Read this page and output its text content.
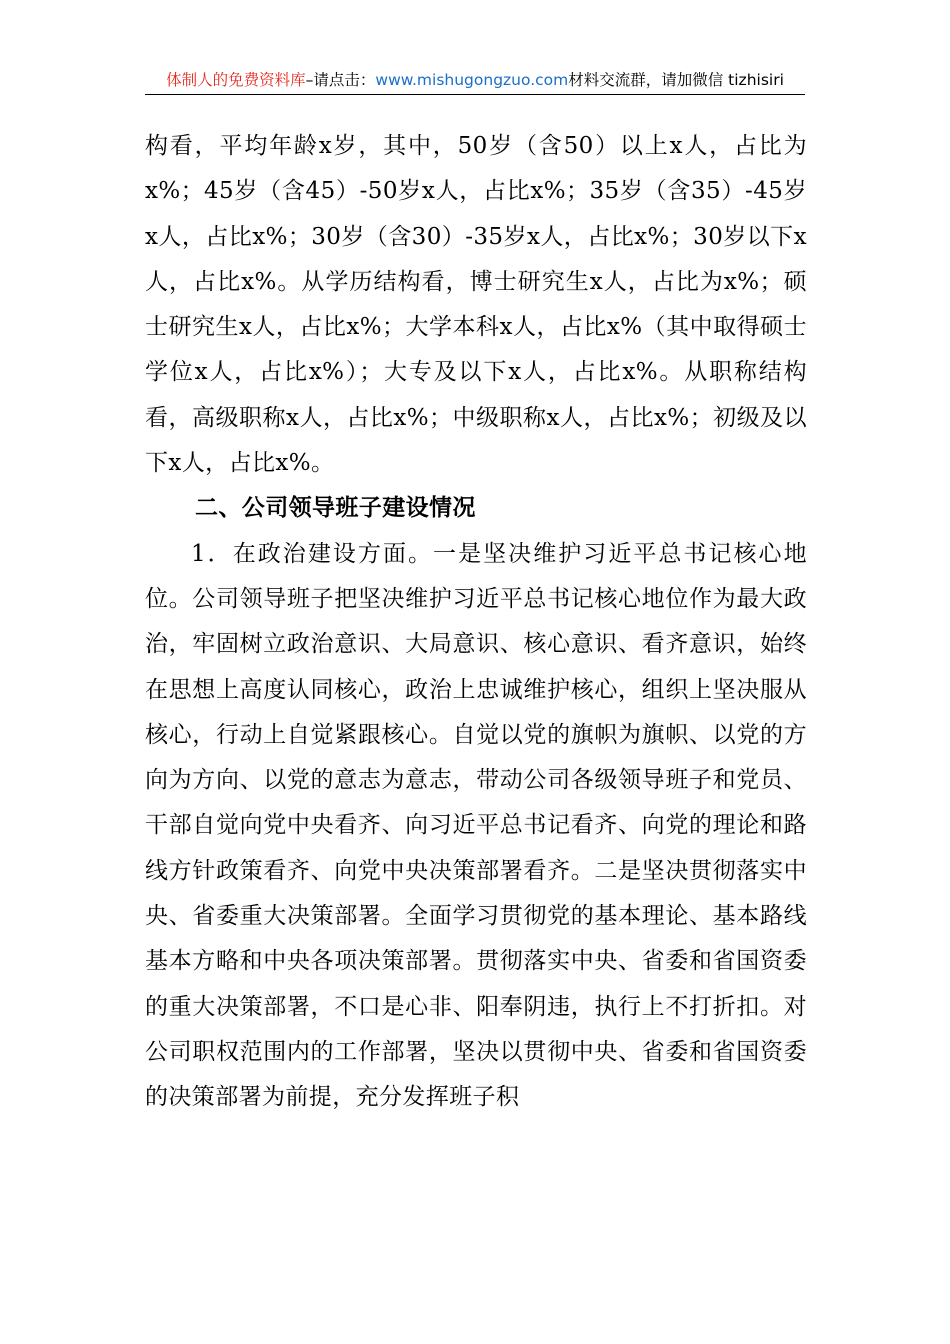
体制人的免费资料库–请点击：www.mishugongzuo.com材料交流群，请加微信 tizhisiri

构看，平均年龄x岁，其中，50岁（含50）以上x人，占比为x%；45岁（含45）-50岁x人，占比x%；35岁（含35）-45岁x人，占比x%；30岁（含30）-35岁x人，占比x%；30岁以下x人，占比x%。从学历结构看，博士研究生x人，占比为x%；硕士研究生x人，占比x%；大学本科x人，占比x%（其中取得硕士学位x人，占比x%）；大专及以下x人，占比x%。从职称结构看，高级职称x人，占比x%；中级职称x人，占比x%；初级及以下x人，占比x%。

二、公司领导班子建设情况

1．在政治建设方面。一是坚决维护习近平总书记核心地位。公司领导班子把坚决维护习近平总书记核心地位作为最大政治，牢固树立政治意识、大局意识、核心意识、看齐意识，始终在思想上高度认同核心，政治上忠诚维护核心，组织上坚决服从核心，行动上自觉紧跟核心。自觉以党的旗帜为旗帜、以党的方向为方向、以党的意志为意志，带动公司各级领导班子和党员、干部自觉向党中央看齐、向习近平总书记看齐、向党的理论和路线方针政策看齐、向党中央决策部署看齐。二是坚决贯彻落实中央、省委重大决策部署。全面学习贯彻党的基本理论、基本路线基本方略和中央各项决策部署。贯彻落实中央、省委和省国资委的重大决策部署，不口是心非、阳奉阴违，执行上不打折扣。对公司职权范围内的工作部署，坚决以贯彻中央、省委和省国资委的决策部署为前提，充分发挥班子积
